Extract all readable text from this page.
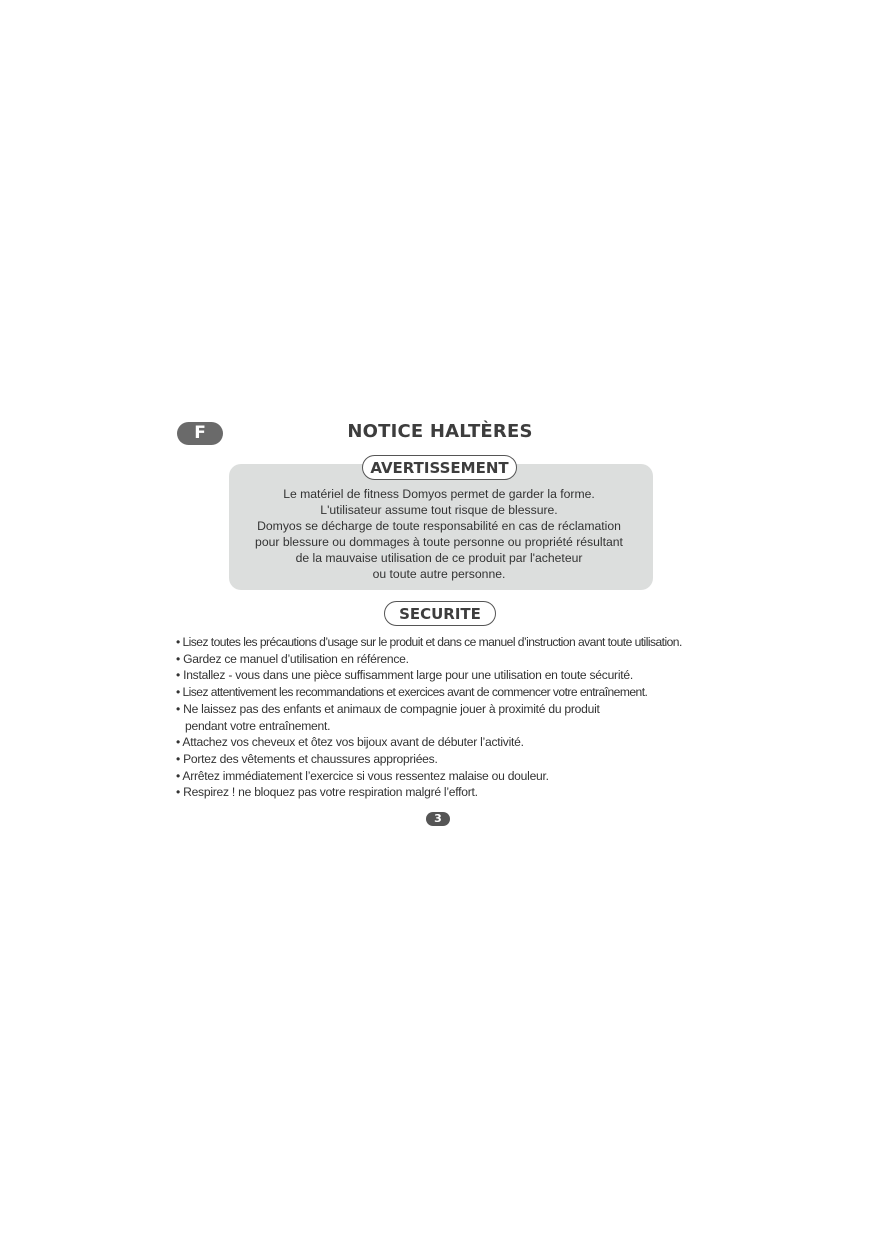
F	NOTICE HALTÈRES
AVERTISSEMENT
Le matériel de fitness Domyos permet de garder la forme.
L'utilisateur assume tout risque de blessure.
Domyos se décharge de toute responsabilité en cas de réclamation
pour blessure ou dommages à toute personne ou propriété résultant
de la mauvaise utilisation de ce produit par l'acheteur
ou toute autre personne.
SECURITE
• Lisez toutes les précautions d’usage sur le produit et dans ce manuel d’instruction avant toute utilisation.
• Gardez ce manuel d’utilisation en référence.
• Installez - vous dans une pièce suffisamment large pour une utilisation en toute sécurité.
• Lisez attentivement les recommandations et exercices avant de commencer votre entraînement.
• Ne laissez pas des enfants et animaux de compagnie jouer à proximité du produit
pendant votre entraînement.
• Attachez vos cheveux et ôtez vos bijoux avant de débuter l’activité.
• Portez des vêtements et chaussures appropriées.
• Arrêtez immédiatement l’exercice si vous ressentez malaise ou douleur.
• Respirez ! ne bloquez pas votre respiration malgré l’effort.
3
